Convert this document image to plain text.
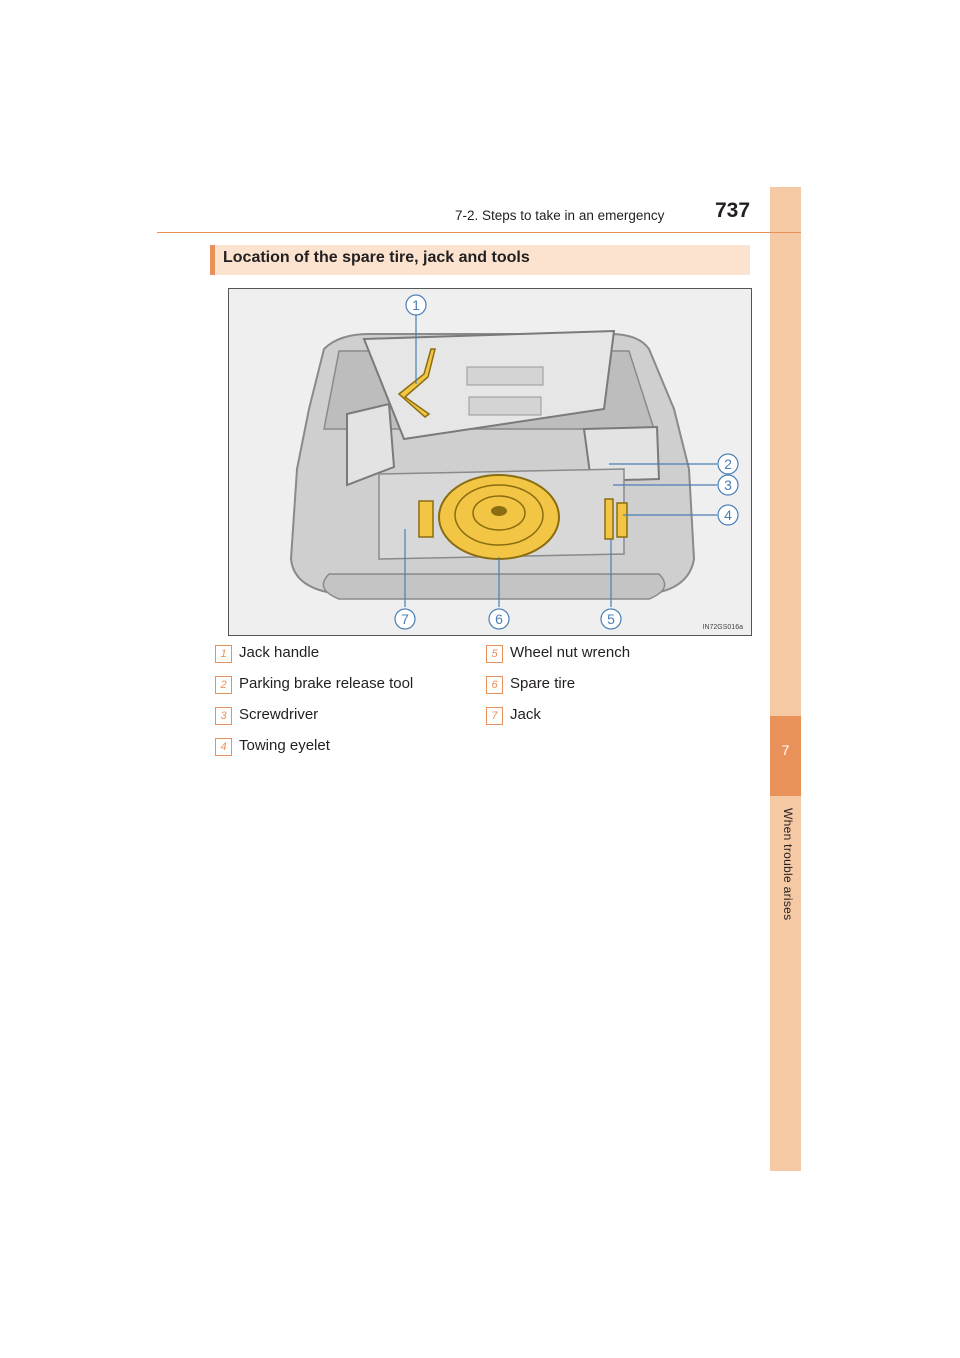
7
When trouble arises
7-2. Steps to take in an emergency 737
Location of the spare tire, jack and tools
1
2
3
4
5
6
7
IN72GS016a
1 Jack handle
2 Parking brake release tool
3 Screwdriver
4 Towing eyelet
5 Wheel nut wrench
6 Spare tire
7 Jack
